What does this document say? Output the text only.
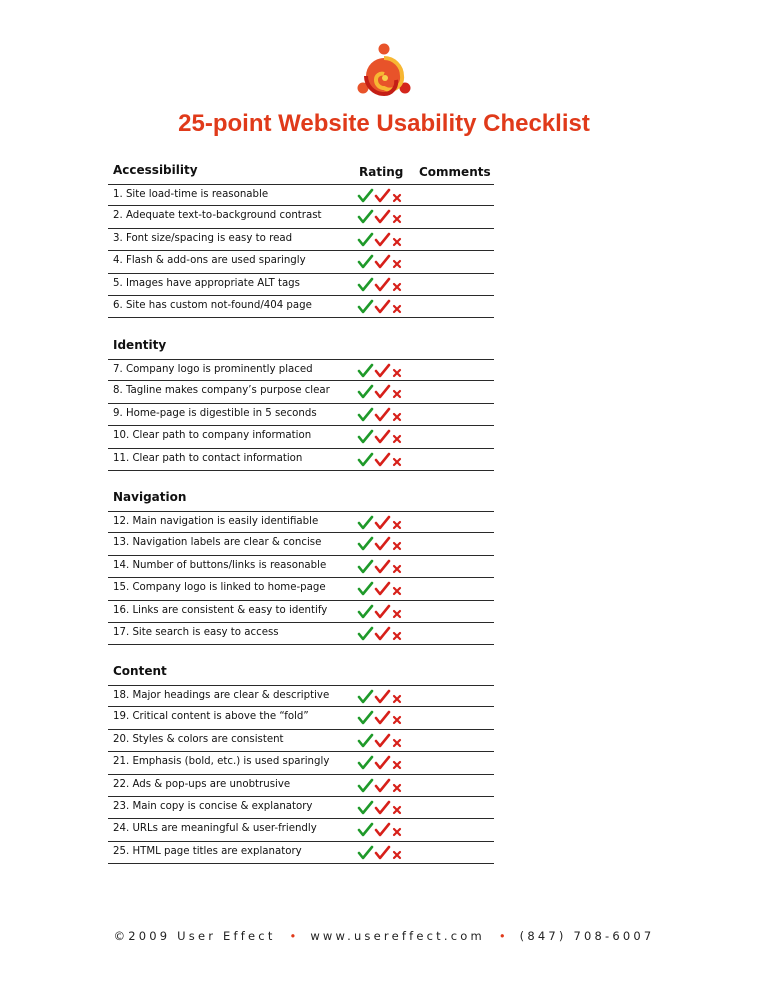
25-point Website Usability Checklist
Accessibility	Rating Comments
1. Site load-time is reasonable
2. Adequate text-to-background contrast
3. Font size/spacing is easy to read
4. Flash & add-ons are used sparingly
5. Images have appropriate ALT tags
6. Site has custom not-found/404 page
Identity
7. Company logo is prominently placed
8. Tagline makes company’s purpose clear
9. Home-page is digestible in 5 seconds
10. Clear path to company information
11. Clear path to contact information
Navigation
12. Main navigation is easily identifiable
13. Navigation labels are clear & concise
14. Number of buttons/links is reasonable
15. Company logo is linked to home-page
16. Links are consistent & easy to identify
17. Site search is easy to access
Content
18. Major headings are clear & descriptive
19. Critical content is above the “fold”
20. Styles & colors are consistent
21. Emphasis (bold, etc.) is used sparingly
22. Ads & pop-ups are unobtrusive
23. Main copy is concise & explanatory
24. URLs are meaningful & user-friendly
25. HTML page titles are explanatory
©2009 User Effect • www.usereffect.com • (847) 708-6007
